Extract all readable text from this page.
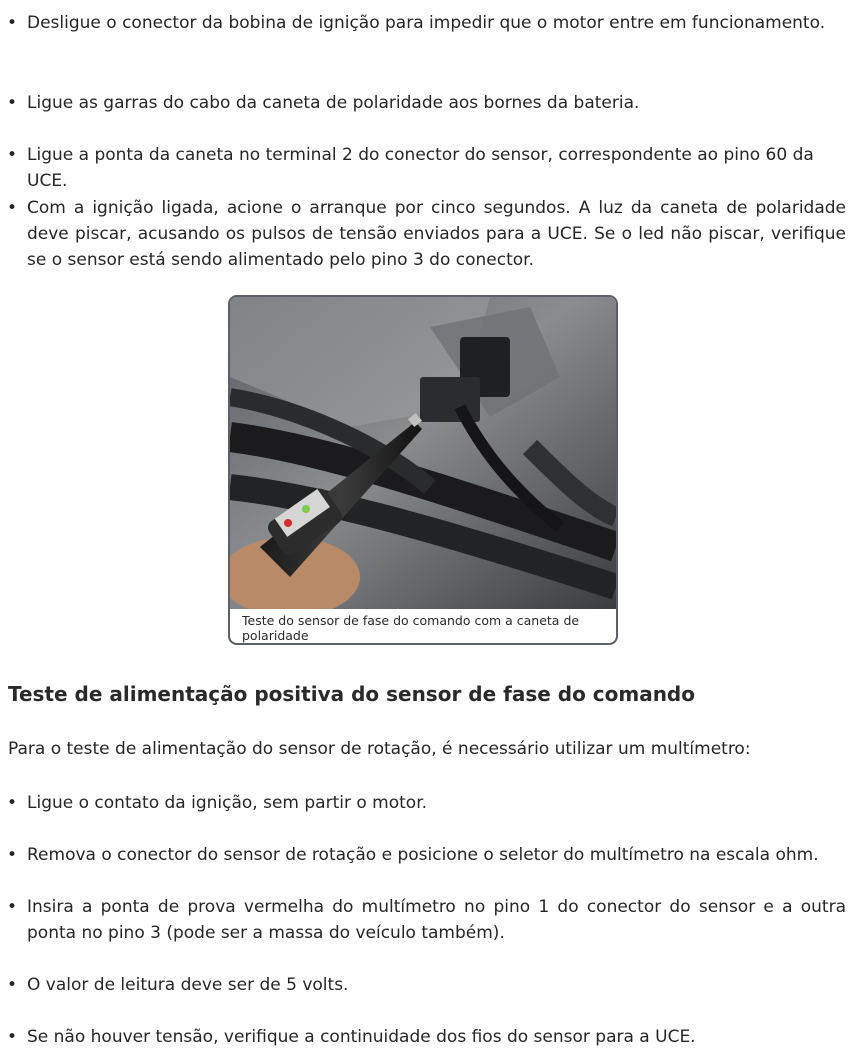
• Desligue o conector da bobina de ignição para impedir que o motor entre em funcionamento.
• Ligue as garras do cabo da caneta de polaridade aos bornes da bateria.
• Ligue a ponta da caneta no terminal 2 do conector do sensor, correspondente ao pino 60 da UCE.
• Com a ignição ligada, acione o arranque por cinco segundos. A luz da caneta de polaridade deve piscar, acusando os pulsos de tensão enviados para a UCE. Se o led não piscar, verifique se o sensor está sendo alimentado pelo pino 3 do conector.
Teste do sensor de fase do comando com a caneta de polaridade
Teste de alimentação positiva do sensor de fase do comando

Para o teste de alimentação do sensor de rotação, é necessário utilizar um multímetro:

• Ligue o contato da ignição, sem partir o motor.
• Remova o conector do sensor de rotação e posicione o seletor do multímetro na escala ohm.
• Insira a ponta de prova vermelha do multímetro no pino 1 do conector do sensor e a outra ponta no pino 3 (pode ser a massa do veículo também).
• O valor de leitura deve ser de 5 volts.
• Se não houver tensão, verifique a continuidade dos fios do sensor para a UCE.
